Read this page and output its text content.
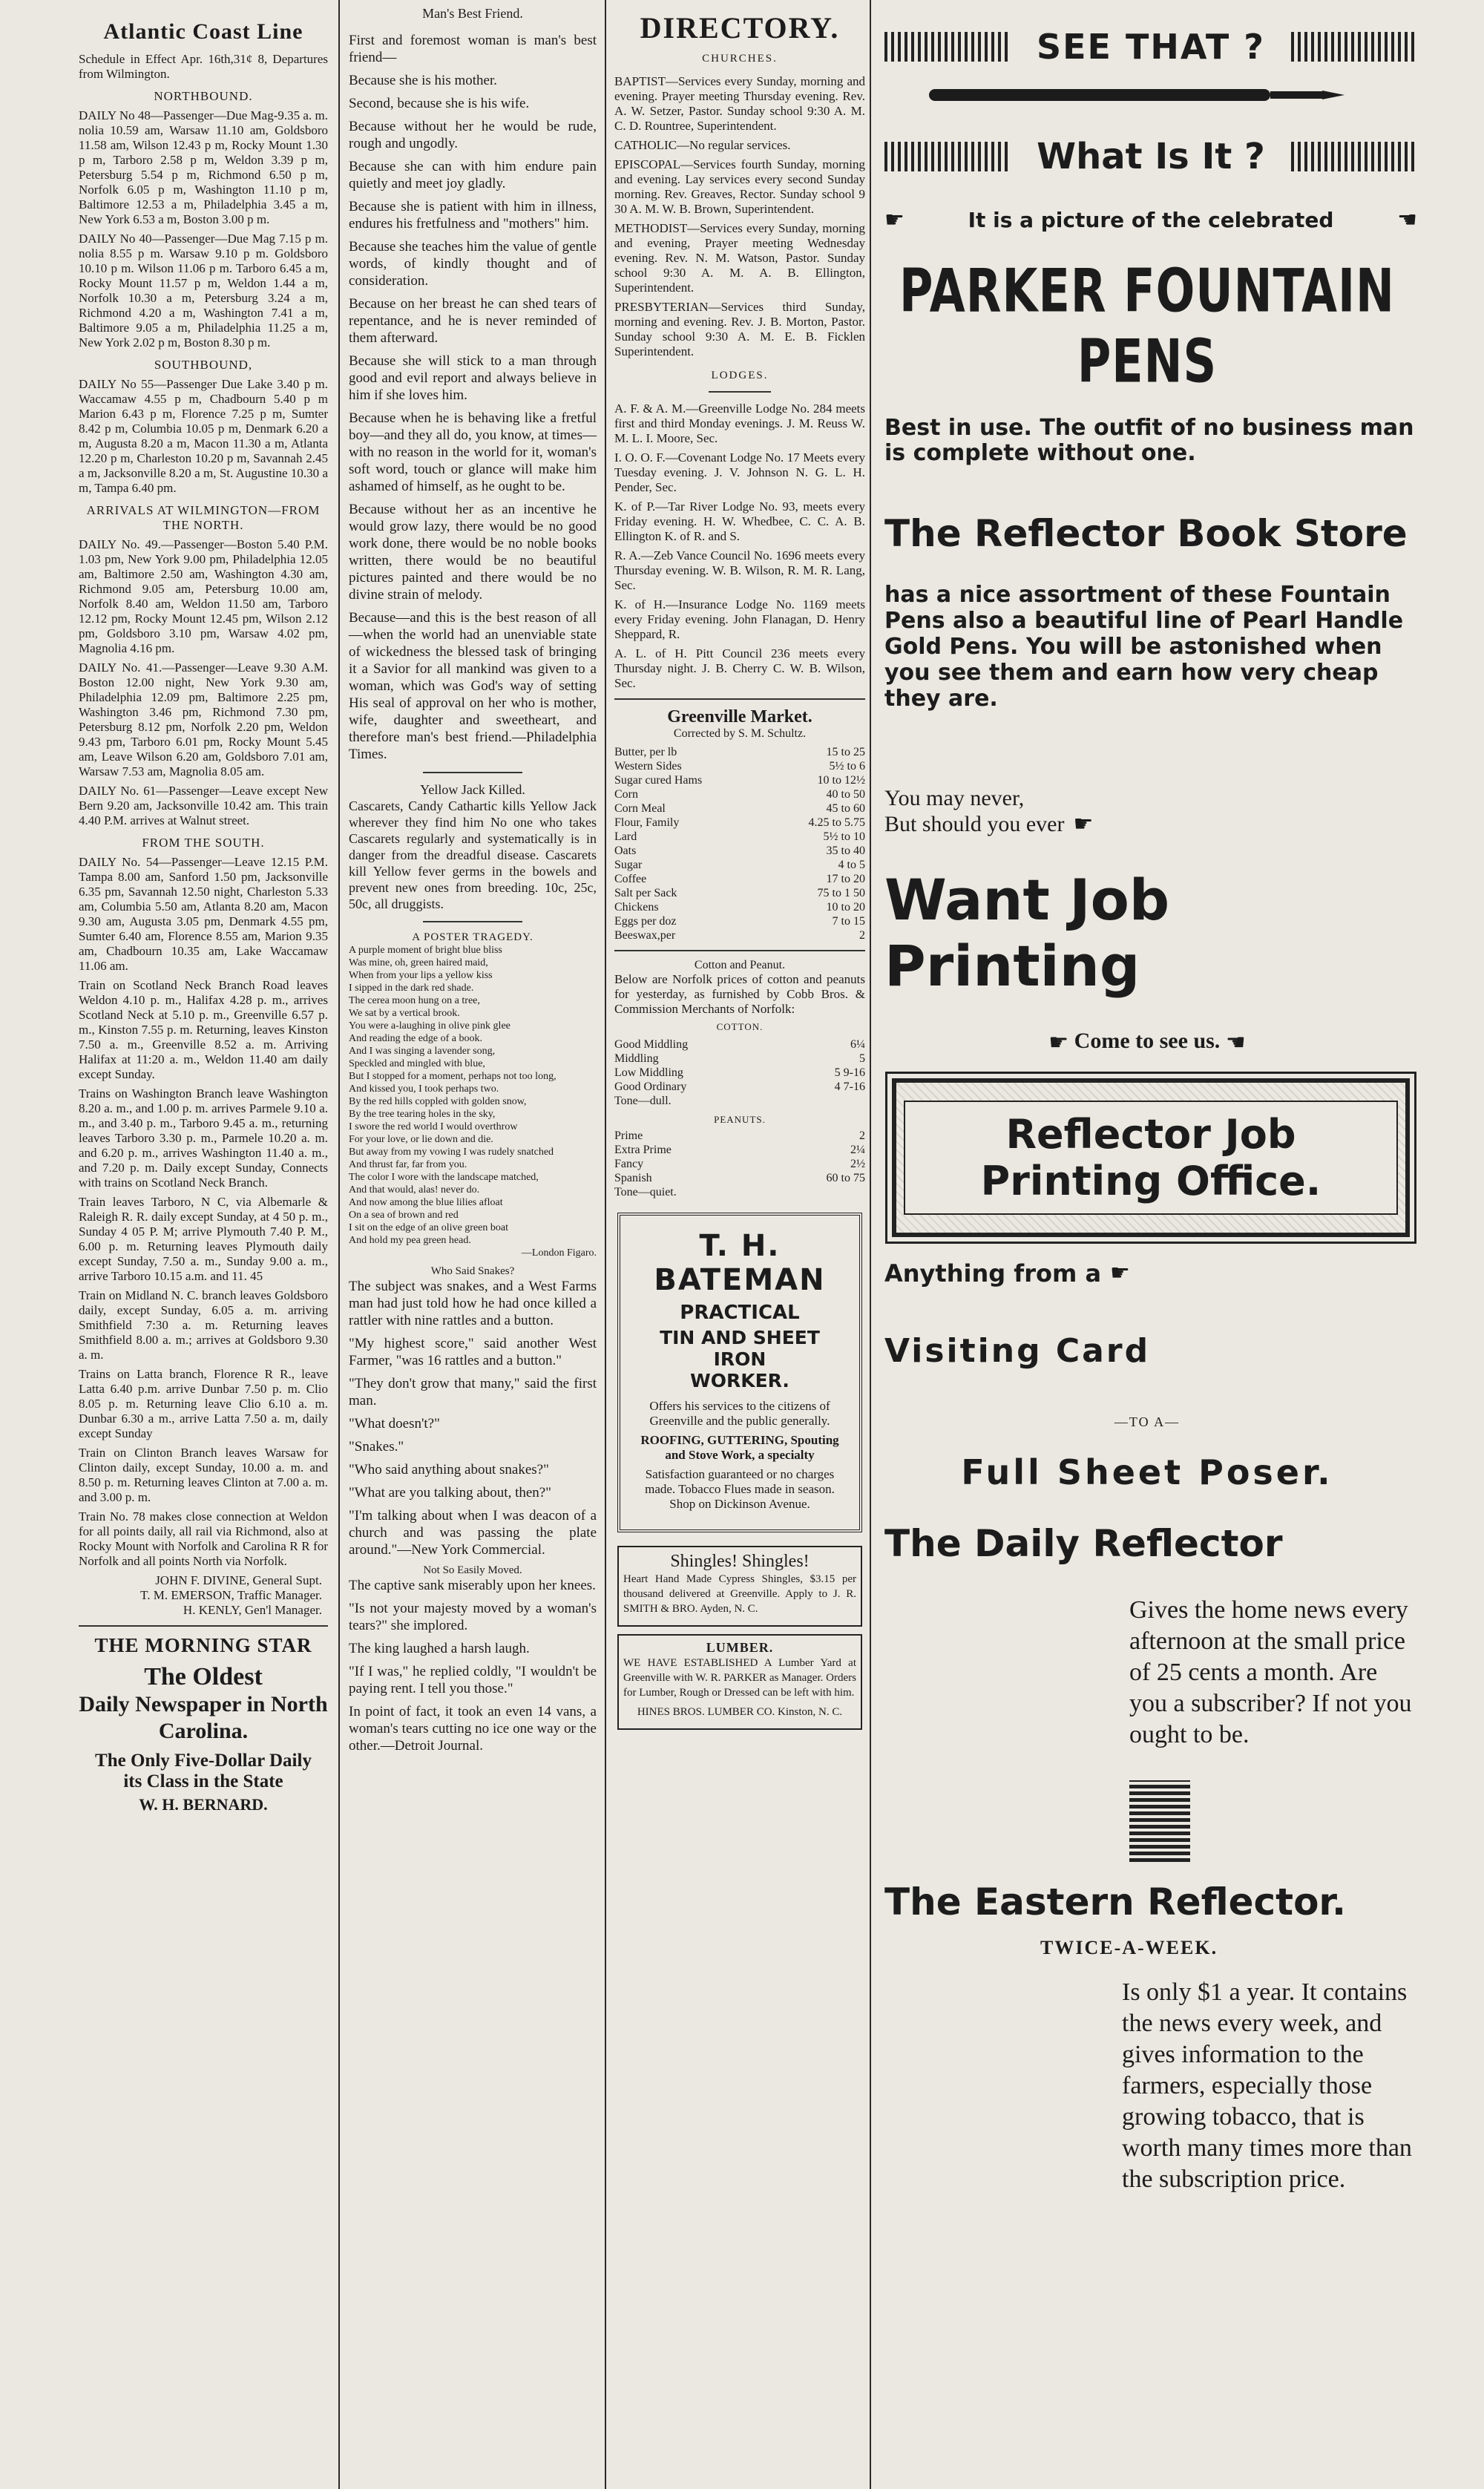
Atlantic Coast Line

Schedule in Effect Apr. 16th,31¢ 8, Departures from Wilmington.

NORTHBOUND.

DAILY No 48—Passenger—Due Mag-9.35 a. m. nolia 10.59 am, Warsaw 11.10 am, Goldsboro 11.58 am, Wilson 12.43 p m, Rocky Mount 1.30 p m, Tarboro 2.58 p m, Weldon 3.39 p m, Petersburg 5.54 p m, Richmond 6.50 p m, Norfolk 6.05 p m, Washington 11.10 p m, Baltimore 12.53 a m, Philadelphia 3.45 a m, New York 6.53 a m, Boston 3.00 p m.

DAILY No 40—Passenger—Due Mag 7.15 p m. nolia 8.55 p m. Warsaw 9.10 p m. Goldsboro 10.10 p m. Wilson 11.06 p m. Tarboro 6.45 a m, Rocky Mount 11.57 p m, Weldon 1.44 a m, Norfolk 10.30 a m, Petersburg 3.24 a m, Richmond 4.20 a m, Washington 7.41 a m, Baltimore 9.05 a m, Philadelphia 11.25 a m, New York 2.02 p m, Boston 8.30 p m.

SOUTHBOUND,

DAILY No 55—Passenger Due Lake 3.40 p m. Waccamaw 4.55 p m, Chadbourn 5.40 p m Marion 6.43 p m, Florence 7.25 p m, Sumter 8.42 p m, Columbia 10.05 p m, Denmark 6.20 a m, Augusta 8.20 a m, Macon 11.30 a m, Atlanta 12.20 p m, Charleston 10.20 p m, Savannah 2.45 a m, Jacksonville 8.20 a m, St. Augustine 10.30 a m, Tampa 6.40 pm.

ARRIVALS AT WILMINGTON—FROM THE NORTH.

DAILY No. 49.—Passenger—Boston 5.40 P.M. 1.03 pm, New York 9.00 pm, Philadelphia 12.05 am, Baltimore 2.50 am, Washington 4.30 am, Richmond 9.05 am, Petersburg 10.00 am, Norfolk 8.40 am, Weldon 11.50 am, Tarboro 12.12 pm, Rocky Mount 12.45 pm, Wilson 2.12 pm, Goldsboro 3.10 pm, Warsaw 4.02 pm, Magnolia 4.16 pm.

DAILY No. 41.—Passenger—Leave 9.30 A.M. Boston 12.00 night, New York 9.30 am, Philadelphia 12.09 pm, Baltimore 2.25 pm, Washington 3.46 pm, Richmond 7.30 pm, Petersburg 8.12 pm, Norfolk 2.20 pm, Weldon 9.43 pm, Tarboro 6.01 pm, Rocky Mount 5.45 am, Leave Wilson 6.20 am, Goldsboro 7.01 am, Warsaw 7.53 am, Magnolia 8.05 am.

DAILY No. 61—Passenger—Leave except New Bern 9.20 am, Jacksonville 10.42 am. This train 4.40 P.M. arrives at Walnut street.

FROM THE SOUTH.

DAILY No. 54—Passenger—Leave 12.15 P.M. Tampa 8.00 am, Sanford 1.50 pm, Jacksonville 6.35 pm, Savannah 12.50 night, Charleston 5.33 am, Columbia 5.50 am, Atlanta 8.20 am, Macon 9.30 am, Augusta 3.05 pm, Denmark 4.55 pm, Sumter 6.40 am, Florence 8.55 am, Marion 9.35 am, Chadbourn 10.35 am, Lake Waccamaw 11.06 am.

Train on Scotland Neck Branch Road leaves Weldon 4.10 p. m., Halifax 4.28 p. m., arrives Scotland Neck at 5.10 p. m., Greenville 6.57 p. m., Kinston 7.55 p. m. Returning, leaves Kinston 7.50 a. m., Greenville 8.52 a. m. Arriving Halifax at 11:20 a. m., Weldon 11.40 am daily except Sunday.

Trains on Washington Branch leave Washington 8.20 a. m., and 1.00 p. m. arrives Parmele 9.10 a. m., and 3.40 p. m., Tarboro 9.45 a. m., returning leaves Tarboro 3.30 p. m., Parmele 10.20 a. m. and 6.20 p. m., arrives Washington 11.40 a. m., and 7.20 p. m. Daily except Sunday, Connects with trains on Scotland Neck Branch.

Train leaves Tarboro, N C, via Albemarle & Raleigh R. R. daily except Sunday, at 4 50 p. m., Sunday 4 05 P. M; arrive Plymouth 7.40 P. M., 6.00 p. m. Returning leaves Plymouth daily except Sunday, 7.50 a. m., Sunday 9.00 a. m., arrive Tarboro 10.15 a.m. and 11. 45

Train on Midland N. C. branch leaves Goldsboro daily, except Sunday, 6.05 a. m. arriving Smithfield 7:30 a. m. Returning leaves Smithfield 8.00 a. m.; arrives at Goldsboro 9.30 a. m.

Trains on Latta branch, Florence R R., leave Latta 6.40 p.m. arrive Dunbar 7.50 p. m. Clio 8.05 p. m. Returning leave Clio 6.10 a. m. Dunbar 6.30 a m., arrive Latta 7.50 a. m, daily except Sunday

Train on Clinton Branch leaves Warsaw for Clinton daily, except Sunday, 10.00 a. m. and 8.50 p. m. Returning leaves Clinton at 7.00 a. m. and 3.00 p. m.

Train No. 78 makes close connection at Weldon for all points daily, all rail via Richmond, also at Rocky Mount with Norfolk and Carolina R R for Norfolk and all points North via Norfolk.

JOHN F. DIVINE, General Supt.

T. M. EMERSON, Traffic Manager.

H. KENLY, Gen'l Manager.

THE MORNING STAR
The Oldest
Daily Newspaper in North Carolina.
The Only Five-Dollar Daily
its Class in the State
W. H. BERNARD.
Man's Best Friend.

First and foremost woman is man's best friend—

Because she is his mother.

Second, because she is his wife.

Because without her he would be rude, rough and ungodly.

Because she can with him endure pain quietly and meet joy gladly.

Because she is patient with him in illness, endures his fretfulness and "mothers" him.

Because she teaches him the value of gentle words, of kindly thought and of consideration.

Because on her breast he can shed tears of repentance, and he is never reminded of them afterward.

Because she will stick to a man through good and evil report and always believe in him if she loves him.

Because when he is behaving like a fretful boy—and they all do, you know, at times—with no reason in the world for it, woman's soft word, touch or glance will make him ashamed of himself, as he ought to be.

Because without her as an incentive he would grow lazy, there would be no good work done, there would be no noble books written, there would be no beautiful pictures painted and there would be no divine strain of melody.

Because—and this is the best reason of all—when the world had an unenviable state of wickedness the blessed task of bringing it a Savior for all mankind was given to a woman, which was God's way of setting His seal of approval on her who is mother, wife, daughter and sweetheart, and therefore man's best friend.—Philadelphia Times.

Yellow Jack Killed.

Cascarets, Candy Cathartic kills Yellow Jack wherever they find him No one who takes Cascarets regularly and systematically is in danger from the dreadful disease. Cascarets kill Yellow fever germs in the bowels and prevent new ones from breeding. 10c, 25c, 50c, all druggists.

A POSTER TRAGEDY.

A purple moment of bright blue bliss

Was mine, oh, green haired maid,

When from your lips a yellow kiss

I sipped in the dark red shade.

The cerea moon hung on a tree,

We sat by a vertical brook.

You were a-laughing in olive pink glee

And reading the edge of a book.

And I was singing a lavender song,

Speckled and mingled with blue,

But I stopped for a moment, perhaps not too long,

And kissed you, I took perhaps two.

By the red hills coppled with golden snow,

By the tree tearing holes in the sky,

I swore the red world I would overthrow

For your love, or lie down and die.

But away from my vowing I was rudely snatched

And thrust far, far from you.

The color I wore with the landscape matched,

And that would, alas! never do.

And now among the blue lilies afloat

On a sea of brown and red

I sit on the edge of an olive green boat

And hold my pea green head.

—London Figaro.

Who Said Snakes?

The subject was snakes, and a West Farms man had just told how he had once killed a rattler with nine rattles and a button.

"My highest score," said another West Farmer, "was 16 rattles and a button."

"They don't grow that many," said the first man.

"What doesn't?"

"Snakes."

"Who said anything about snakes?"

"What are you talking about, then?"

"I'm talking about when I was deacon of a church and was passing the plate around."—New York Commercial.

Not So Easily Moved.

The captive sank miserably upon her knees.

"Is not your majesty moved by a woman's tears?" she implored.

The king laughed a harsh laugh.

"If I was," he replied coldly, "I wouldn't be paying rent. I tell you those."

In point of fact, it took an even 14 vans, a woman's tears cutting no ice one way or the other.—Detroit Journal.

DIRECTORY.
CHURCHES.

BAPTIST—Services every Sunday, morning and evening. Prayer meeting Thursday evening. Rev. A. W. Setzer, Pastor. Sunday school 9:30 A. M. C. D. Rountree, Superintendent.

CATHOLIC—No regular services.

EPISCOPAL—Services fourth Sunday, morning and evening. Lay services every second Sunday morning. Rev. Greaves, Rector. Sunday school 9 30 A. M. W. B. Brown, Superintendent.

METHODIST—Services every Sunday, morning and evening, Prayer meeting Wednesday evening. Rev. N. M. Watson, Pastor. Sunday school 9:30 A. M. A. B. Ellington, Superintendent.

PRESBYTERIAN—Services third Sunday, morning and evening. Rev. J. B. Morton, Pastor. Sunday school 9:30 A. M. E. B. Ficklen Superintendent.

LODGES.

A. F. & A. M.—Greenville Lodge No. 284 meets first and third Monday evenings. J. M. Reuss W. M. L. I. Moore, Sec.

I. O. O. F.—Covenant Lodge No. 17 Meets every Tuesday evening. J. V. Johnson N. G. L. H. Pender, Sec.

K. of P.—Tar River Lodge No. 93, meets every Friday evening. H. W. Whedbee, C. C. A. B. Ellington K. of R. and S.

R. A.—Zeb Vance Council No. 1696 meets every Thursday evening. W. B. Wilson, R. M. R. Lang, Sec.

K. of H.—Insurance Lodge No. 1169 meets every Friday evening. John Flanagan, D. Henry Sheppard, R.

A. L. of H. Pitt Council 236 meets every Thursday night. J. B. Cherry C. W. B. Wilson, Sec.

Greenville Market.
Corrected by S. M. Schultz.
Butter, per lb	15 to 25
Western Sides	5½ to 6
Sugar cured Hams	10 to 12½
Corn	40 to 50
Corn Meal	45 to 60
Flour, Family	4.25 to 5.75
Lard	5½ to 10
Oats	35 to 40
Sugar	4 to 5
Coffee	17 to 20
Salt per Sack	75 to 1 50
Chickens	10 to 20
Eggs per doz	7 to 15
Beeswax,per	2
Cotton and Peanut.

Below are Norfolk prices of cotton and peanuts for yesterday, as furnished by Cobb Bros. & Commission Merchants of Norfolk:

COTTON.
Good Middling	6¼
Middling	5
Low Middling	5 9-16
Good Ordinary	4 7-16
Tone—dull.
PEANUTS.
Prime	2
Extra Prime	2¼
Fancy	2½
Spanish	60 to 75
Tone—quiet.
T. H. BATEMAN
PRACTICAL
TIN AND SHEET IRON
WORKER.

Offers his services to the citizens of Greenville and the public generally.

ROOFING, GUTTERING, Spouting and Stove Work, a specialty

Satisfaction guaranteed or no charges made. Tobacco Flues made in season. Shop on Dickinson Avenue.

Shingles! Shingles!

Heart Hand Made Cypress Shingles, $3.15 per thousand delivered at Greenville. Apply to J. R. SMITH & BRO. Ayden, N. C.

LUMBER.

WE HAVE ESTABLISHED A Lumber Yard at Greenville with W. R. PARKER as Manager. Orders for Lumber, Rough or Dressed can be left with him.

HINES BROS. LUMBER CO. Kinston, N. C.

SEE THAT ?
What Is It ?
☛	It is a picture of the celebrated	☚
PARKER FOUNTAIN PENS

Best in use. The outfit of no business man is complete without one.

The Reflector Book Store

has a nice assortment of these Fountain Pens also a beautiful line of Pearl Handle Gold Pens. You will be astonished when you see them and earn how very cheap they are.

You may never,
But should you ever ☛
Want Job Printing
☛ Come to see us. ☚
Reflector Job Printing Office.
Anything from a ☛
Visiting Card
—TO A—
Full Sheet Poser.
The Daily Reflector

Gives the home news every afternoon at the small price of 25 cents a month. Are you a subscriber? If not you ought to be.

The Eastern Reflector.
TWICE-A-WEEK.

Is only $1 a year. It contains the news every week, and gives information to the farmers, especially those growing tobacco, that is worth many times more than the subscription price.
